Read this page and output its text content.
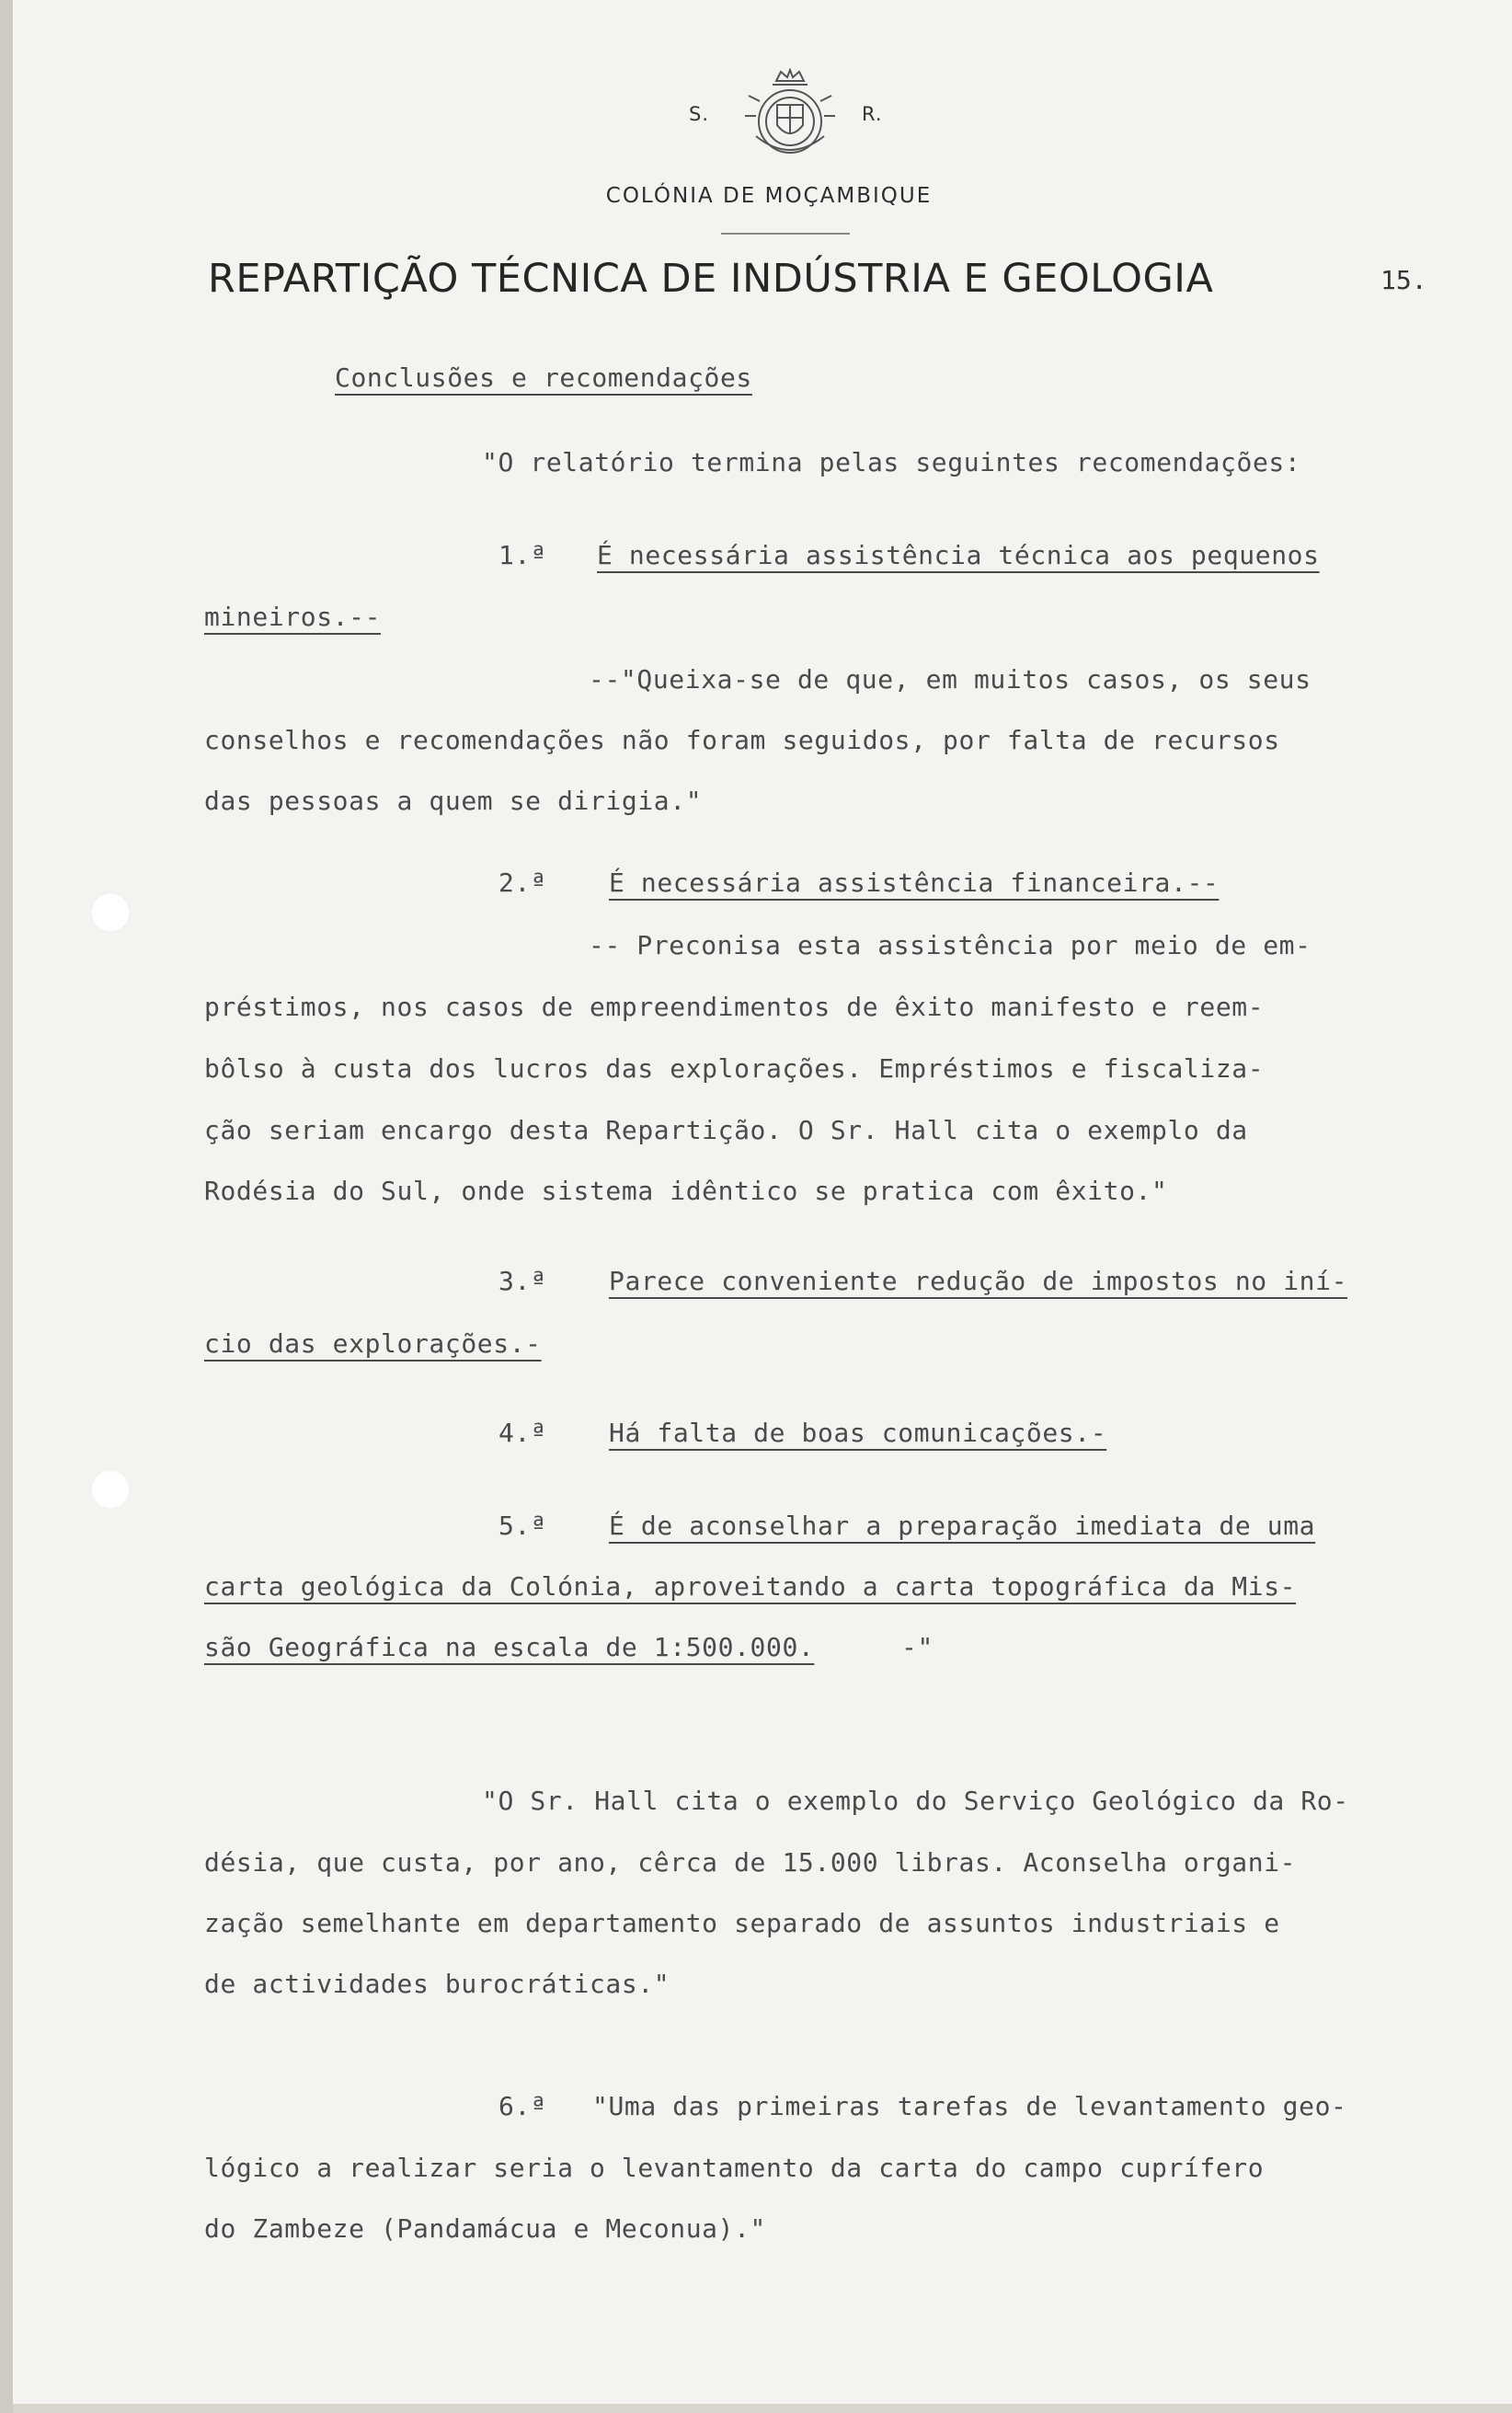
S.	R.
COLÓNIA DE MOÇAMBIQUE
REPARTIÇÃO TÉCNICA DE INDÚSTRIA E GEOLOGIA	15.
Conclusões e recomendações
"O relatório termina pelas seguintes recomendações:
1.ª É necessária assistência técnica aos pequenos
mineiros.--
--"Queixa-se de que, em muitos casos, os seus
conselhos e recomendações não foram seguidos, por falta de recursos
das pessoas a quem se dirigia."
2.ª É necessária assistência financeira.--
-- Preconisa esta assistência por meio de em-
préstimos, nos casos de empreendimentos de êxito manifesto e reem-
bôlso à custa dos lucros das explorações. Empréstimos e fiscaliza-
ção seriam encargo desta Repartição. O Sr. Hall cita o exemplo da
Rodésia do Sul, onde sistema idêntico se pratica com êxito."
3.ª Parece conveniente redução de impostos no iní-
cio das explorações.-
4.ª Há falta de boas comunicações.-
5.ª É de aconselhar a preparação imediata de uma
carta geológica da Colónia, aproveitando a carta topográfica da Mis-
são Geográfica na escala de 1:500.000.	-"
"O Sr. Hall cita o exemplo do Serviço Geológico da Ro-
désia, que custa, por ano, cêrca de 15.000 libras. Aconselha organi-
zação semelhante em departamento separado de assuntos industriais e
de actividades burocráticas."
6.ª "Uma das primeiras tarefas de levantamento geo-
lógico a realizar seria o levantamento da carta do campo cuprífero
do Zambeze (Pandamácua e Meconua)."
